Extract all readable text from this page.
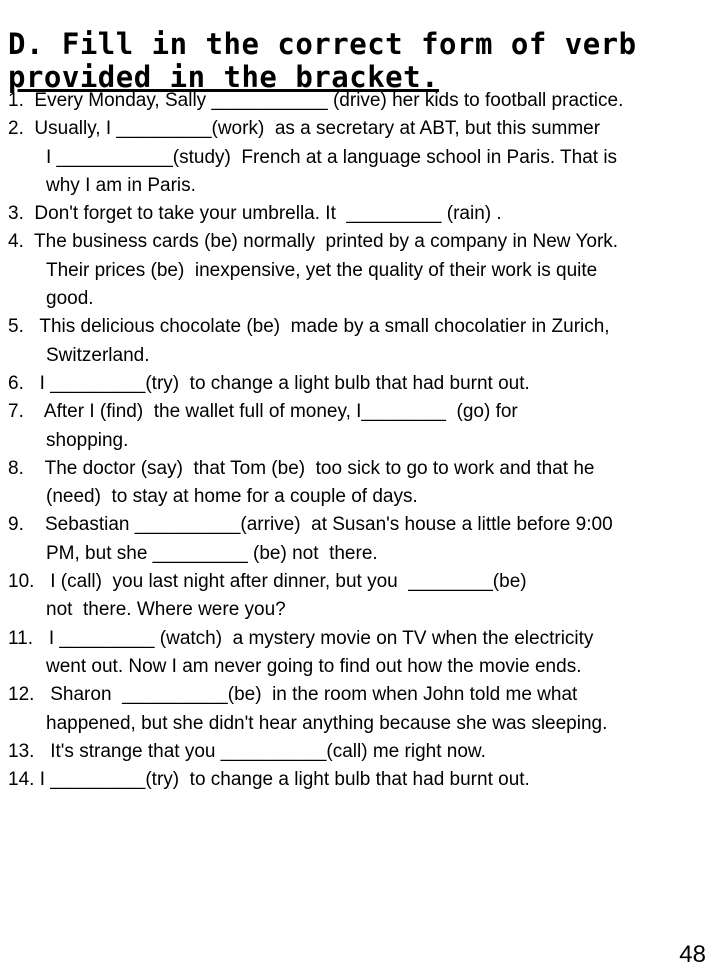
D. Fill in the correct form of verb
provided in the bracket.
1.  Every Monday, Sally ___________ (drive) her kids to football practice.
2.  Usually, I _________(work)  as a secretary at ABT, but this summer
I ___________(study)  French at a language school in Paris. That is
why I am in Paris.
3.  Don't forget to take your umbrella. It  _________ (rain) .
4.  The business cards (be) normally  printed by a company in New York.
Their prices (be)  inexpensive, yet the quality of their work is quite
good.
5.   This delicious chocolate (be)  made by a small chocolatier in Zurich,
Switzerland.
6.   I _________(try)  to change a light bulb that had burnt out.
7.    After I (find)  the wallet full of money, I________  (go) for
shopping.
8.    The doctor (say)  that Tom (be)  too sick to go to work and that he
(need)  to stay at home for a couple of days.
9.    Sebastian __________(arrive)  at Susan's house a little before 9:00
PM, but she _________ (be) not  there.
10.   I (call)  you last night after dinner, but you  ________(be)
not  there. Where were you?
11.   I _________ (watch)  a mystery movie on TV when the electricity
went out. Now I am never going to find out how the movie ends.
12.   Sharon  __________(be)  in the room when John told me what
happened, but she didn't hear anything because she was sleeping.
13.   It's strange that you __________(call) me right now.
14. I _________(try)  to change a light bulb that had burnt out.
48
